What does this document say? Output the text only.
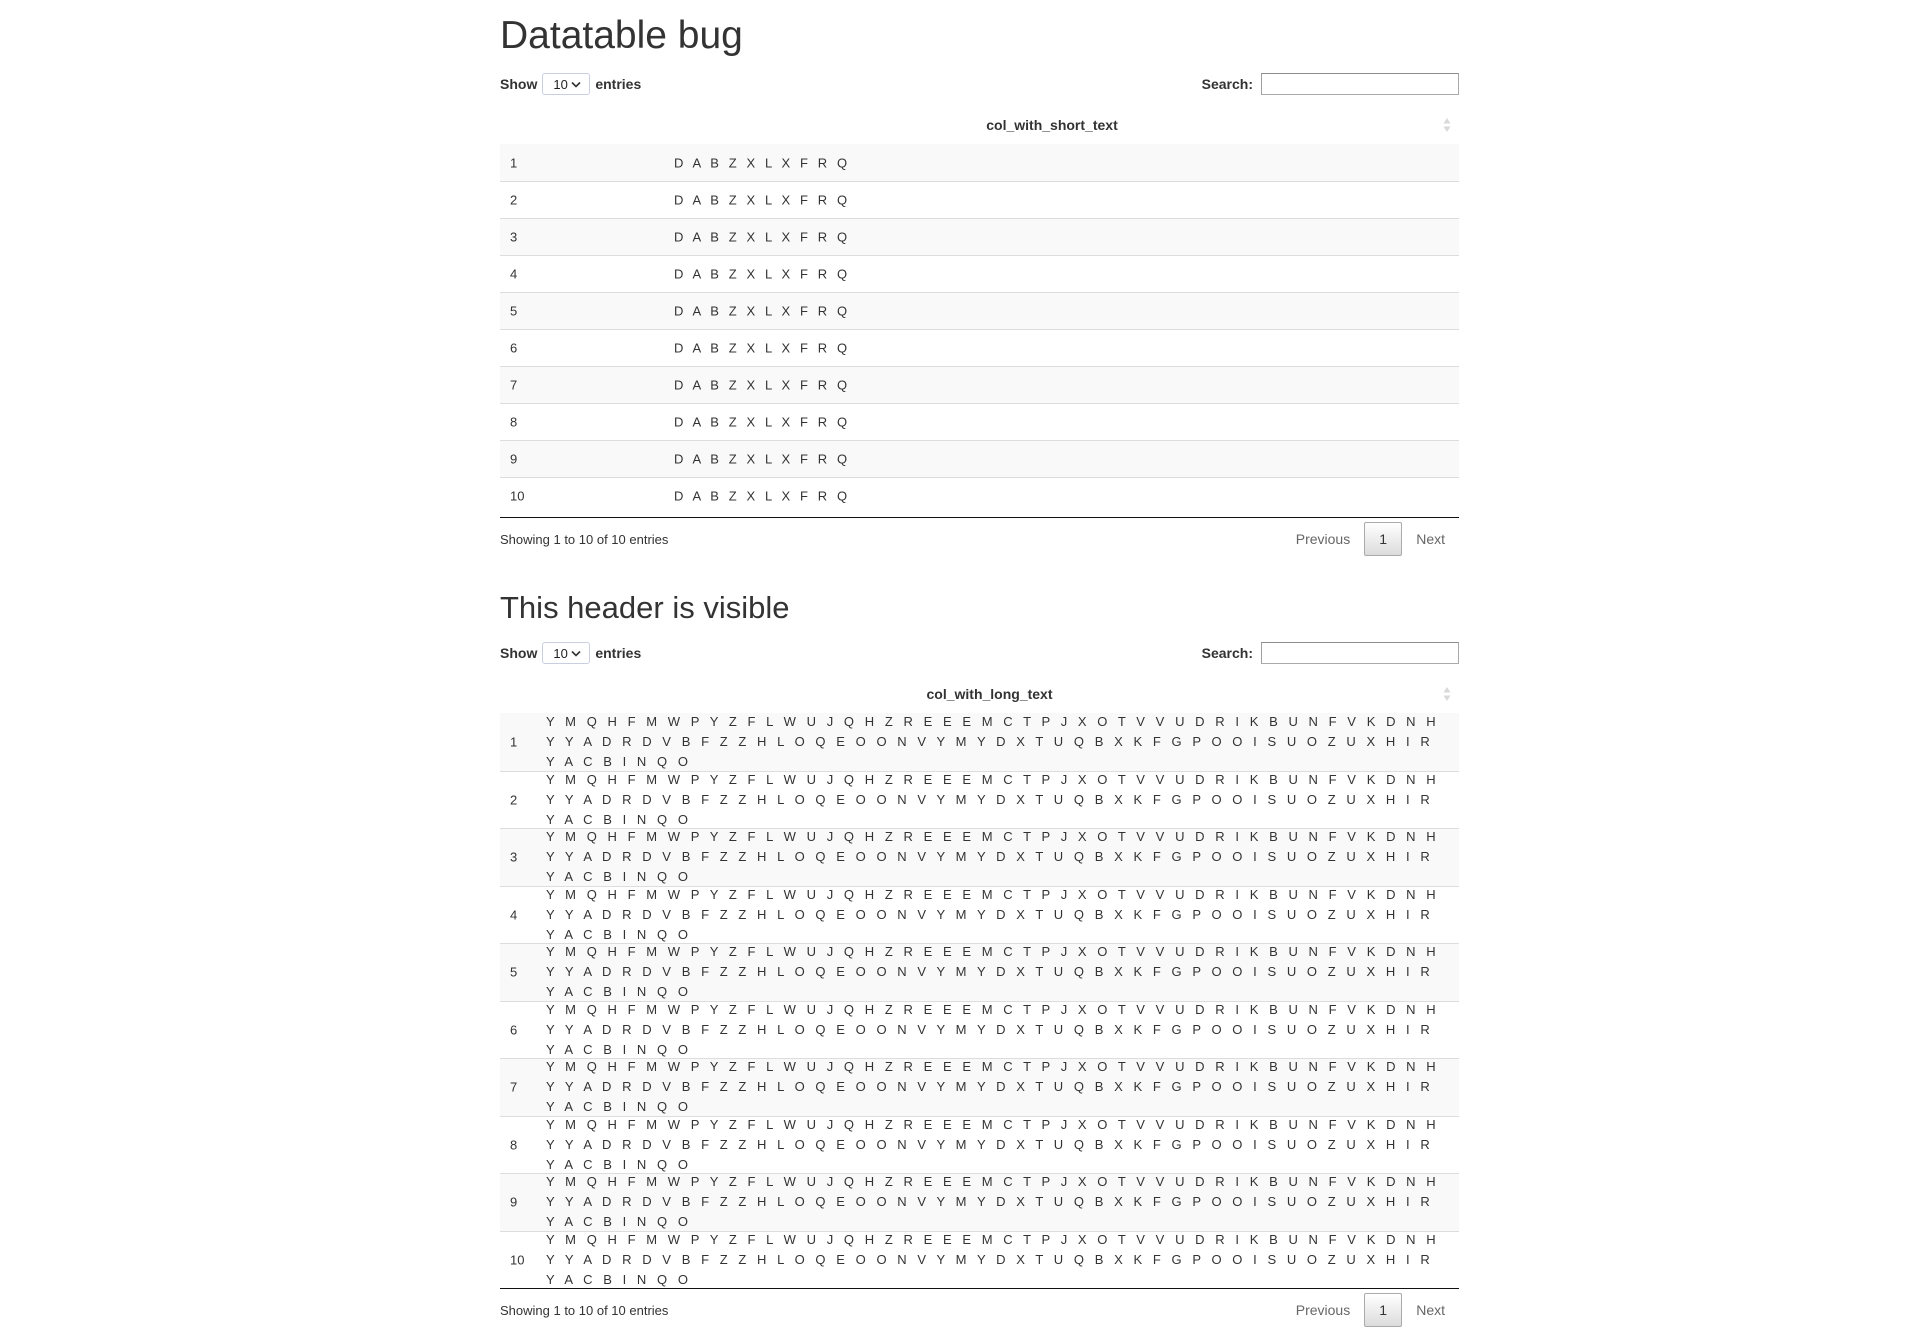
Datatable bug
Show 10 entries	Search:
col_with_short_text
1	D A B Z X L X F R Q
2	D A B Z X L X F R Q
3	D A B Z X L X F R Q
4	D A B Z X L X F R Q
5	D A B Z X L X F R Q
6	D A B Z X L X F R Q
7	D A B Z X L X F R Q
8	D A B Z X L X F R Q
9	D A B Z X L X F R Q
10	D A B Z X L X F R Q
Showing 1 to 10 of 10 entries	Previous	1	Next
This header is visible
Show 10 entries	Search:
col_with_long_text
1
Y M Q H F M W P Y Z F L W U J Q H Z R E E E M C T P J X O T V V U D R I K B U N F V K D N H Y Y A D R D V B F Z Z H L O Q E O O N V Y M Y D X T U Q B X K F G P O O I S U O Z U X H I R Y A C B I N Q O
2
Y M Q H F M W P Y Z F L W U J Q H Z R E E E M C T P J X O T V V U D R I K B U N F V K D N H Y Y A D R D V B F Z Z H L O Q E O O N V Y M Y D X T U Q B X K F G P O O I S U O Z U X H I R Y A C B I N Q O
3
Y M Q H F M W P Y Z F L W U J Q H Z R E E E M C T P J X O T V V U D R I K B U N F V K D N H Y Y A D R D V B F Z Z H L O Q E O O N V Y M Y D X T U Q B X K F G P O O I S U O Z U X H I R Y A C B I N Q O
4
Y M Q H F M W P Y Z F L W U J Q H Z R E E E M C T P J X O T V V U D R I K B U N F V K D N H Y Y A D R D V B F Z Z H L O Q E O O N V Y M Y D X T U Q B X K F G P O O I S U O Z U X H I R Y A C B I N Q O
5
Y M Q H F M W P Y Z F L W U J Q H Z R E E E M C T P J X O T V V U D R I K B U N F V K D N H Y Y A D R D V B F Z Z H L O Q E O O N V Y M Y D X T U Q B X K F G P O O I S U O Z U X H I R Y A C B I N Q O
6
Y M Q H F M W P Y Z F L W U J Q H Z R E E E M C T P J X O T V V U D R I K B U N F V K D N H Y Y A D R D V B F Z Z H L O Q E O O N V Y M Y D X T U Q B X K F G P O O I S U O Z U X H I R Y A C B I N Q O
7
Y M Q H F M W P Y Z F L W U J Q H Z R E E E M C T P J X O T V V U D R I K B U N F V K D N H Y Y A D R D V B F Z Z H L O Q E O O N V Y M Y D X T U Q B X K F G P O O I S U O Z U X H I R Y A C B I N Q O
8
Y M Q H F M W P Y Z F L W U J Q H Z R E E E M C T P J X O T V V U D R I K B U N F V K D N H Y Y A D R D V B F Z Z H L O Q E O O N V Y M Y D X T U Q B X K F G P O O I S U O Z U X H I R Y A C B I N Q O
9
Y M Q H F M W P Y Z F L W U J Q H Z R E E E M C T P J X O T V V U D R I K B U N F V K D N H Y Y A D R D V B F Z Z H L O Q E O O N V Y M Y D X T U Q B X K F G P O O I S U O Z U X H I R Y A C B I N Q O
10
Y M Q H F M W P Y Z F L W U J Q H Z R E E E M C T P J X O T V V U D R I K B U N F V K D N H Y Y A D R D V B F Z Z H L O Q E O O N V Y M Y D X T U Q B X K F G P O O I S U O Z U X H I R Y A C B I N Q O
Showing 1 to 10 of 10 entries	Previous	1	Next
